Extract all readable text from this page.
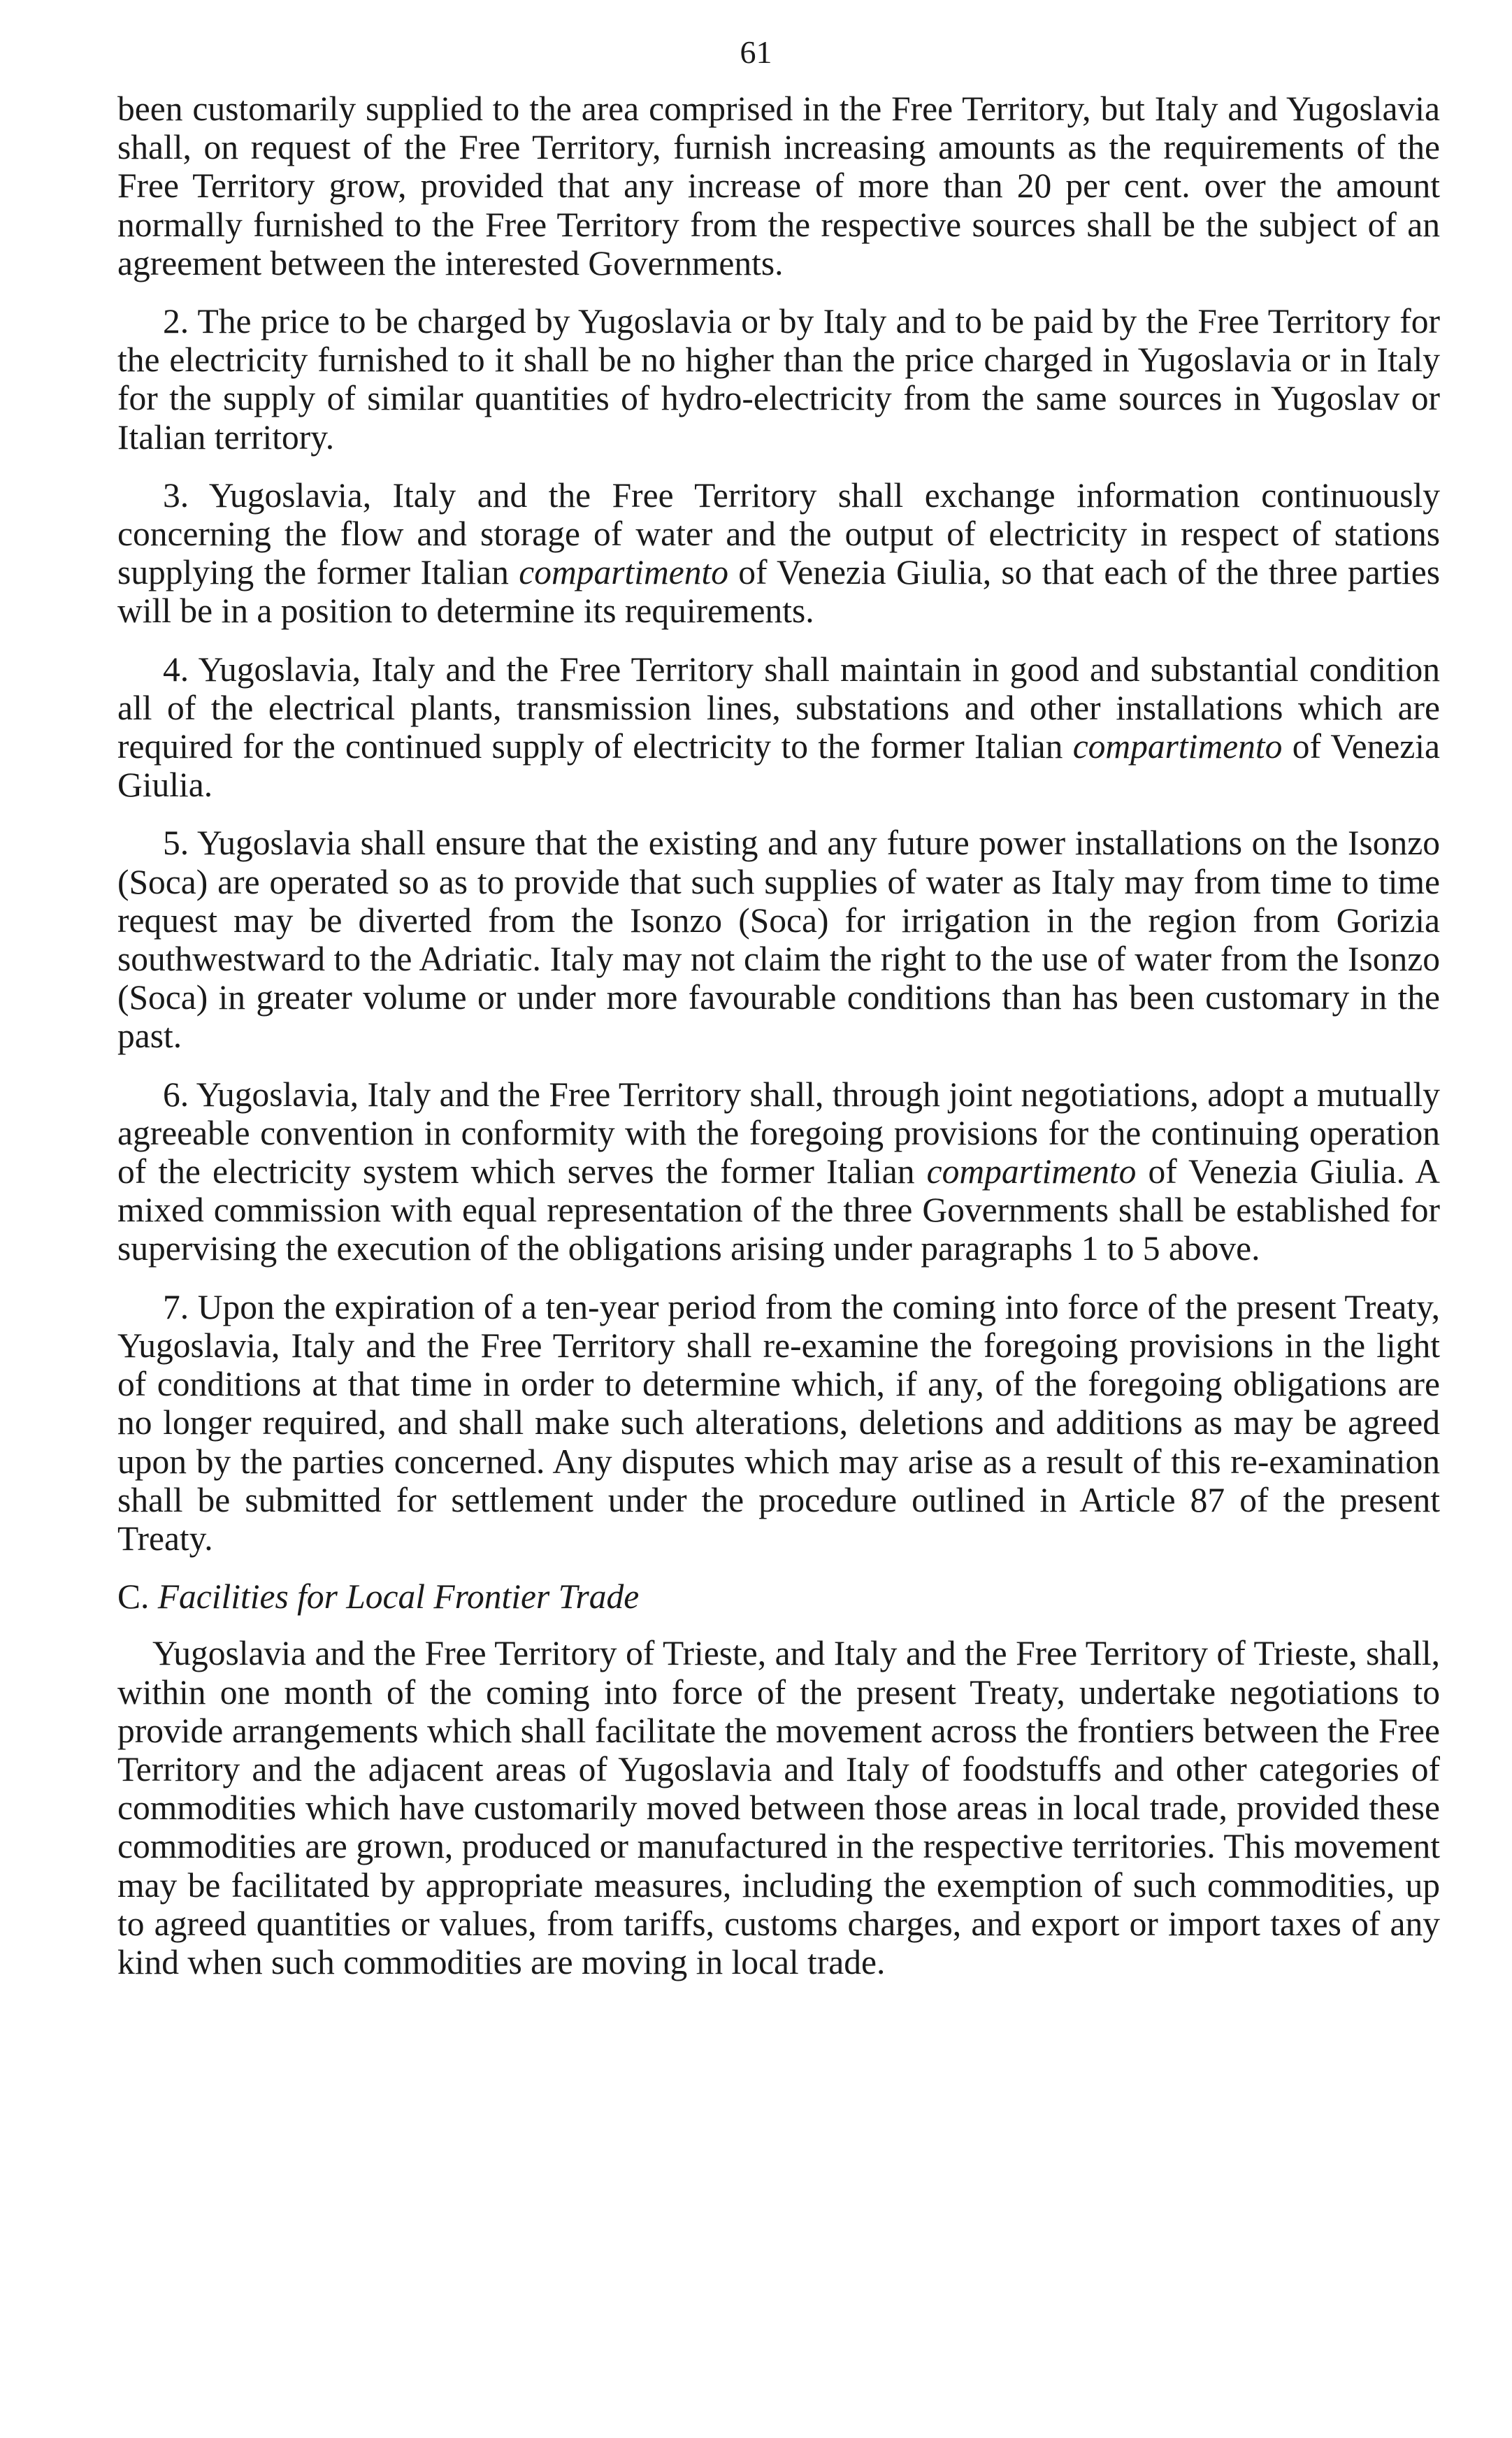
61

been customarily supplied to the area comprised in the Free Territory, but Italy and Yugoslavia shall, on request of the Free Territory, furnish increasing amounts as the requirements of the Free Territory grow, provided that any increase of more than 20 per cent. over the amount normally furnished to the Free Territory from the respective sources shall be the subject of an agreement between the interested Governments.

2. The price to be charged by Yugoslavia or by Italy and to be paid by the Free Territory for the electricity furnished to it shall be no higher than the price charged in Yugoslavia or in Italy for the supply of similar quantities of hydro-electricity from the same sources in Yugoslav or Italian territory.

3. Yugoslavia, Italy and the Free Territory shall exchange information continuously concerning the flow and storage of water and the output of electricity in respect of stations supplying the former Italian compartimento of Venezia Giulia, so that each of the three parties will be in a position to determine its requirements.

4. Yugoslavia, Italy and the Free Territory shall maintain in good and substantial condition all of the electrical plants, transmission lines, substations and other installations which are required for the continued supply of electricity to the former Italian compartimento of Venezia Giulia.

5. Yugoslavia shall ensure that the existing and any future power installations on the Isonzo (Soca) are operated so as to provide that such supplies of water as Italy may from time to time request may be diverted from the Isonzo (Soca) for irrigation in the region from Gorizia southwestward to the Adriatic. Italy may not claim the right to the use of water from the Isonzo (Soca) in greater volume or under more favourable conditions than has been customary in the past.

6. Yugoslavia, Italy and the Free Territory shall, through joint negotiations, adopt a mutually agreeable convention in conformity with the foregoing provisions for the continuing operation of the electricity system which serves the former Italian compartimento of Venezia Giulia. A mixed commission with equal representation of the three Governments shall be established for supervising the execution of the obligations arising under paragraphs 1 to 5 above.

7. Upon the expiration of a ten-year period from the coming into force of the present Treaty, Yugoslavia, Italy and the Free Territory shall re-examine the foregoing provisions in the light of conditions at that time in order to determine which, if any, of the foregoing obligations are no longer required, and shall make such alterations, deletions and additions as may be agreed upon by the parties concerned. Any disputes which may arise as a result of this re-examination shall be submitted for settlement under the procedure outlined in Article 87 of the present Treaty.

C. Facilities for Local Frontier Trade

Yugoslavia and the Free Territory of Trieste, and Italy and the Free Territory of Trieste, shall, within one month of the coming into force of the present Treaty, undertake negotiations to provide arrangements which shall facilitate the movement across the frontiers between the Free Territory and the adjacent areas of Yugoslavia and Italy of foodstuffs and other categories of commodities which have customarily moved between those areas in local trade, provided these commodities are grown, produced or manufactured in the respective territories. This movement may be facilitated by appropriate measures, including the exemption of such commodities, up to agreed quantities or values, from tariffs, customs charges, and export or import taxes of any kind when such commodities are moving in local trade.
